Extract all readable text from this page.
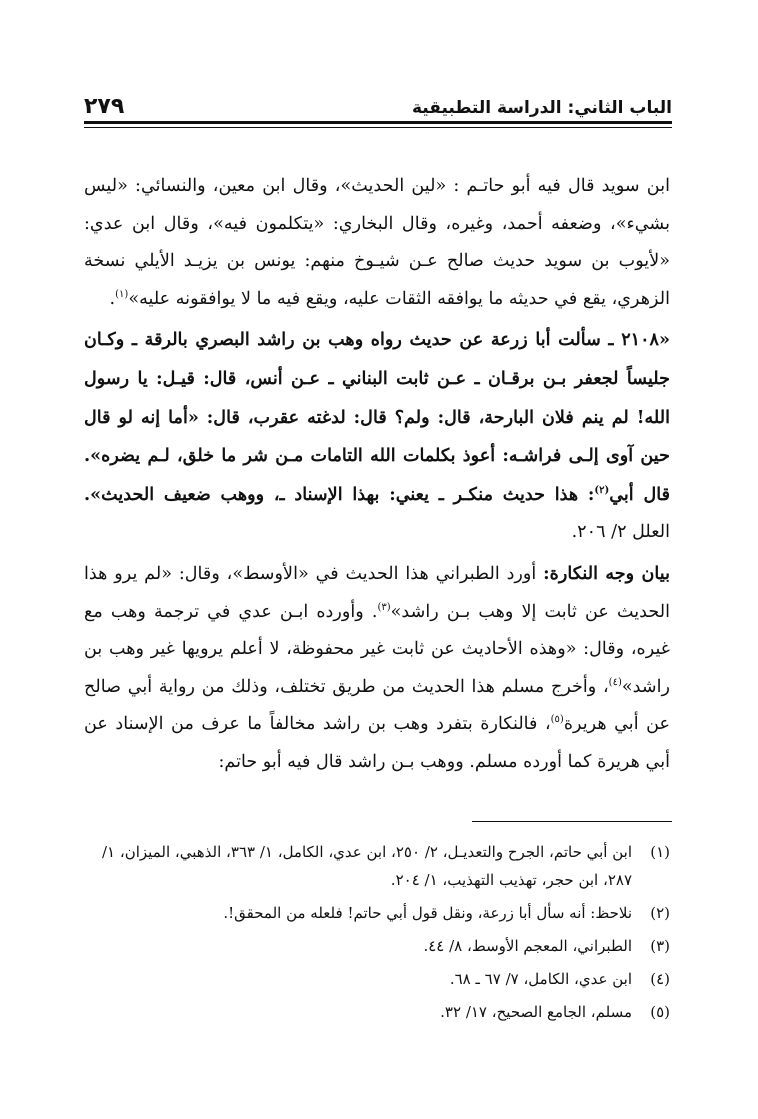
الباب الثاني: الدراسة التطبيقية
٢٧٩

ابن سويد قال فيه أبو حاتـم : «لين الحديث»، وقال ابن معين، والنسائي: «ليس بشيء»، وضعفه أحمد، وغيره، وقال البخاري: «يتكلمون فيه»، وقال ابن عدي: «لأيوب بن سويد حديث صالح عـن شيـوخ منهم: يونس بن يزيـد الأيلي نسخة الزهري، يقع في حديثه ما يوافقه الثقات عليه، ويقع فيه ما لا يوافقونه عليه»$^{(١)}$.

«٢١٠٨ ـ سألت أبا زرعة عن حديث رواه وهب بن راشد البصري بالرقة ـ وكـان جليساً لجعفر بـن برقـان ـ عـن ثابت البناني ـ عـن أنس، قال: قيـل: يا رسول الله! لم ينم فلان البارحة، قال: ولم؟ قال: لدغته عقرب، قال: «أما إنه لو قال حين آوى إلـى فراشـه: أعوذ بكلمات الله التامات مـن شر ما خلق، لـم يضره». قال أبي$^{(٢)}$: هذا حديث منكـر ـ يعني: بهذا الإسناد ـ، ووهب ضعيف الحديث». العلل ٢/ ٢٠٦.

بيان وجه النكارة: أورد الطبراني هذا الحديث في «الأوسط»، وقال: «لم يرو هذا الحديث عن ثابت إلا وهب بـن راشد»$^{(٣)}$. وأورده ابـن عدي في ترجمة وهب مع غيره، وقال: «وهذه الأحاديث عن ثابت غير محفوظة، لا أعلم يرويها غير وهب بن راشد»$^{(٤)}$، وأخرج مسلم هذا الحديث من طريق تختلف، وذلك من رواية أبي صالح عن أبي هريرة$^{(٥)}$، فالنكارة بتفرد وهب بن راشد مخالفاً ما عرف من الإسناد عن أبي هريرة كما أورده مسلم. ووهب بـن راشد قال فيه أبو حاتم:

(١)
ابن أبي حاتم، الجرح والتعديـل، ٢/ ٢٥٠، ابن عدي، الكامل، ١/ ٣٦٣، الذهبي، الميزان، ١/ ٢٨٧، ابن حجر، تهذيب التهذيب، ١/ ٢٠٤.
(٢)
نلاحظ: أنه سأل أبا زرعة، ونقل قول أبي حاتم! فلعله من المحقق!.
(٣)
الطبراني، المعجم الأوسط، ٨/ ٤٤.
(٤)
ابن عدي، الكامل، ٧/ ٦٧ ـ ٦٨.
(٥)
مسلم، الجامع الصحيح، ١٧/ ٣٢.
